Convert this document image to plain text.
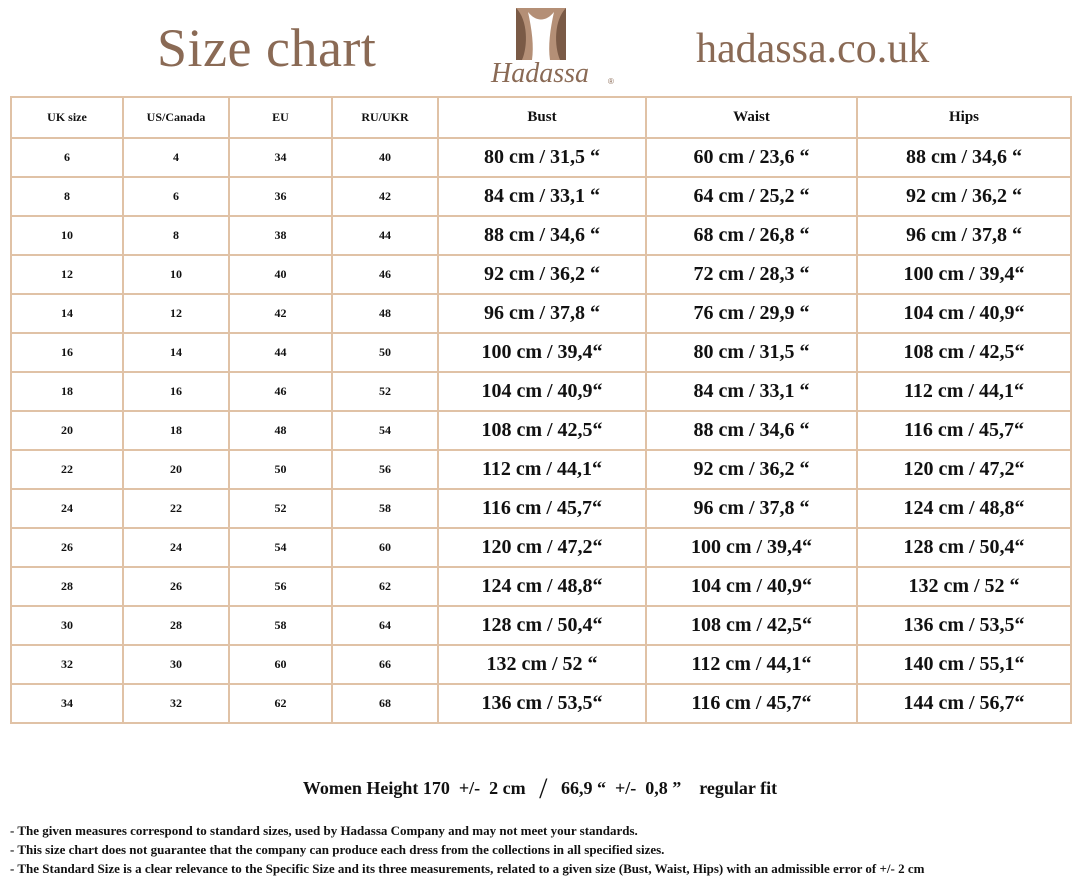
Size chart	Hadassa ®
hadassa.co.uk
UK size	US/Canada	EU	RU/UKR	Bust	Waist	Hips
6	4	34	40	80 cm / 31,5 “	60 cm / 23,6 “	88 cm / 34,6 “
8	6	36	42	84 cm / 33,1 “	64 cm / 25,2 “	92 cm / 36,2 “
10	8	38	44	88 cm / 34,6 “	68 cm / 26,8 “	96 cm / 37,8 “
12	10	40	46	92 cm / 36,2 “	72 cm / 28,3 “	100 cm / 39,4“
14	12	42	48	96 cm / 37,8 “	76 cm / 29,9 “	104 cm / 40,9“
16	14	44	50	100 cm / 39,4“	80 cm / 31,5 “	108 cm / 42,5“
18	16	46	52	104 cm / 40,9“	84 cm / 33,1 “	112 cm / 44,1“
20	18	48	54	108 cm / 42,5“	88 cm / 34,6 “	116 cm / 45,7“
22	20	50	56	112 cm / 44,1“	92 cm / 36,2 “	120 cm / 47,2“
24	22	52	58	116 cm / 45,7“	96 cm / 37,8 “	124 cm / 48,8“
26	24	54	60	120 cm / 47,2“	100 cm / 39,4“	128 cm / 50,4“
28	26	56	62	124 cm / 48,8“	104 cm / 40,9“	132 cm / 52 “
30	28	58	64	128 cm / 50,4“	108 cm / 42,5“	136 cm / 53,5“
32	30	60	66	132 cm / 52 “	112 cm / 44,1“	140 cm / 55,1“
34	32	62	68	136 cm / 53,5“	116 cm / 45,7“	144 cm / 56,7“
Women Height 170  +/-  2 cm / 66,9 “  +/-  0,8 ”    regular fit
- The given measures correspond to standard sizes, used by Hadassa Company and may not meet your standards.
- This size chart does not guarantee that the company can produce each dress from the collections in all specified sizes.
- The Standard Size is a clear relevance to the Specific Size and its three measurements, related to a given size (Bust, Waist, Hips) with an admissible error of +/- 2 cm
